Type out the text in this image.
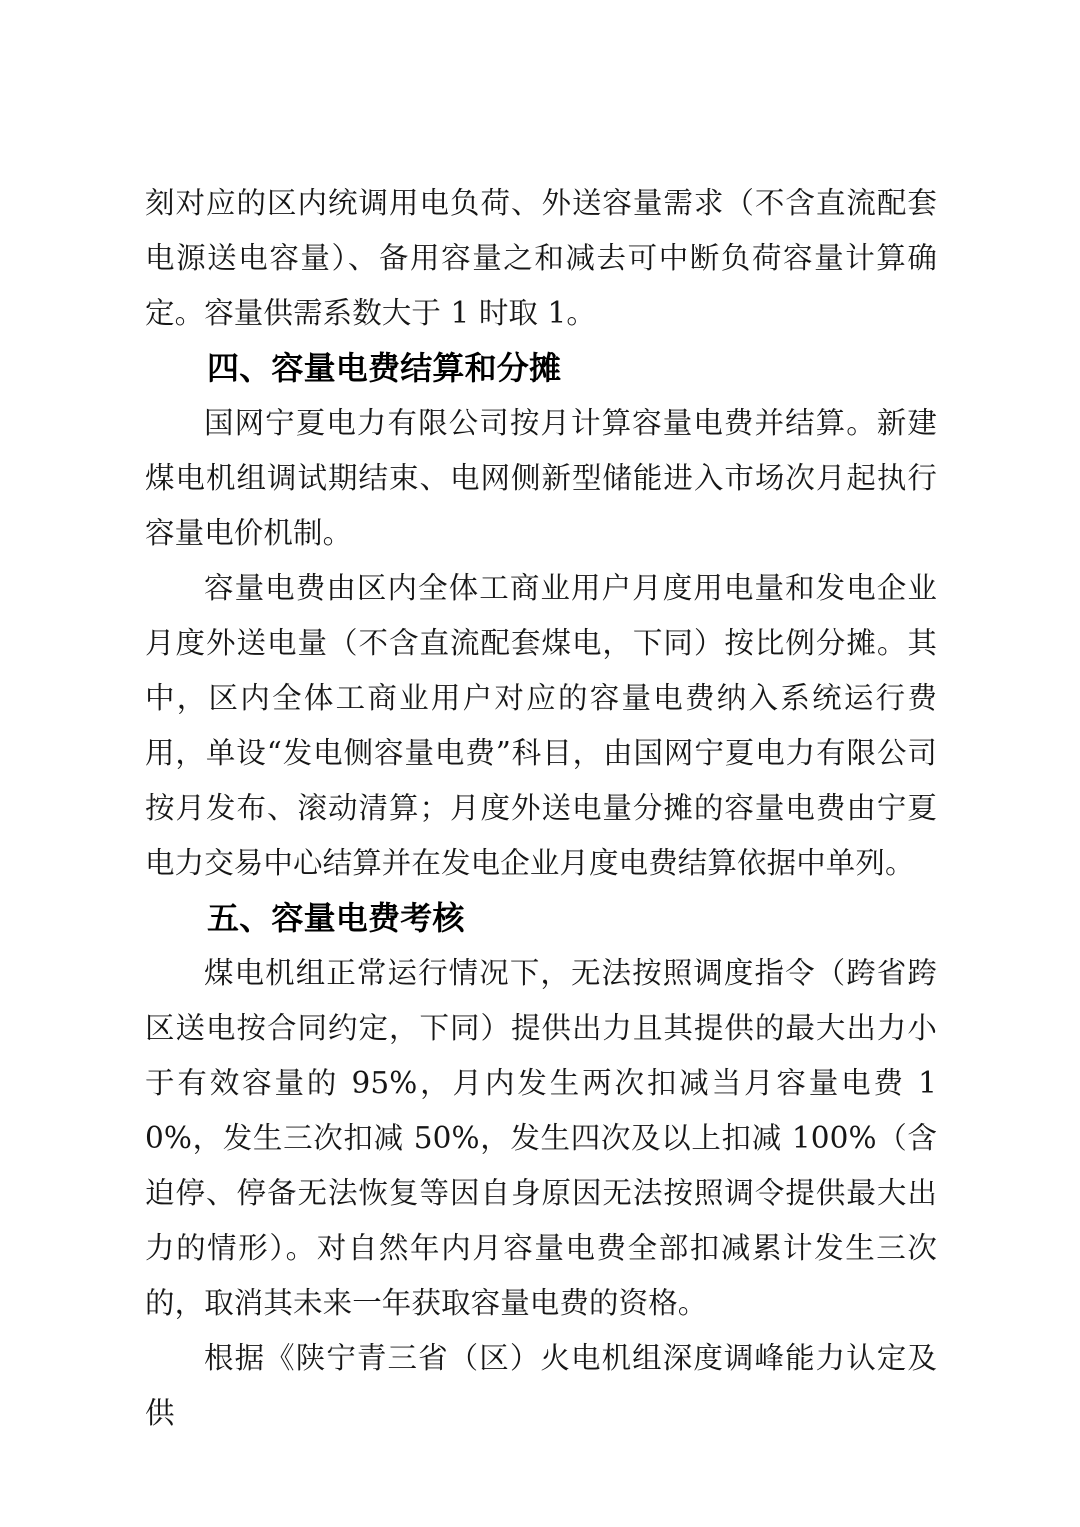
刻对应的区内统调用电负荷、外送容量需求（不含直流配套电源送电容量）、备用容量之和减去可中断负荷容量计算确定。容量供需系数大于 1 时取 1。

四、容量电费结算和分摊

国网宁夏电力有限公司按月计算容量电费并结算。新建煤电机组调试期结束、电网侧新型储能进入市场次月起执行容量电价机制。

容量电费由区内全体工商业用户月度用电量和发电企业月度外送电量（不含直流配套煤电，下同）按比例分摊。其中，区内全体工商业用户对应的容量电费纳入系统运行费用，单设“发电侧容量电费”科目，由国网宁夏电力有限公司按月发布、滚动清算；月度外送电量分摊的容量电费由宁夏电力交易中心结算并在发电企业月度电费结算依据中单列。

五、容量电费考核

煤电机组正常运行情况下，无法按照调度指令（跨省跨区送电按合同约定，下同）提供出力且其提供的最大出力小于有效容量的 95%，月内发生两次扣减当月容量电费 10%，发生三次扣减 50%，发生四次及以上扣减 100%（含迫停、停备无法恢复等因自身原因无法按照调令提供最大出力的情形）。对自然年内月容量电费全部扣减累计发生三次的，取消其未来一年获取容量电费的资格。

根据《陕宁青三省（区）火电机组深度调峰能力认定及供
